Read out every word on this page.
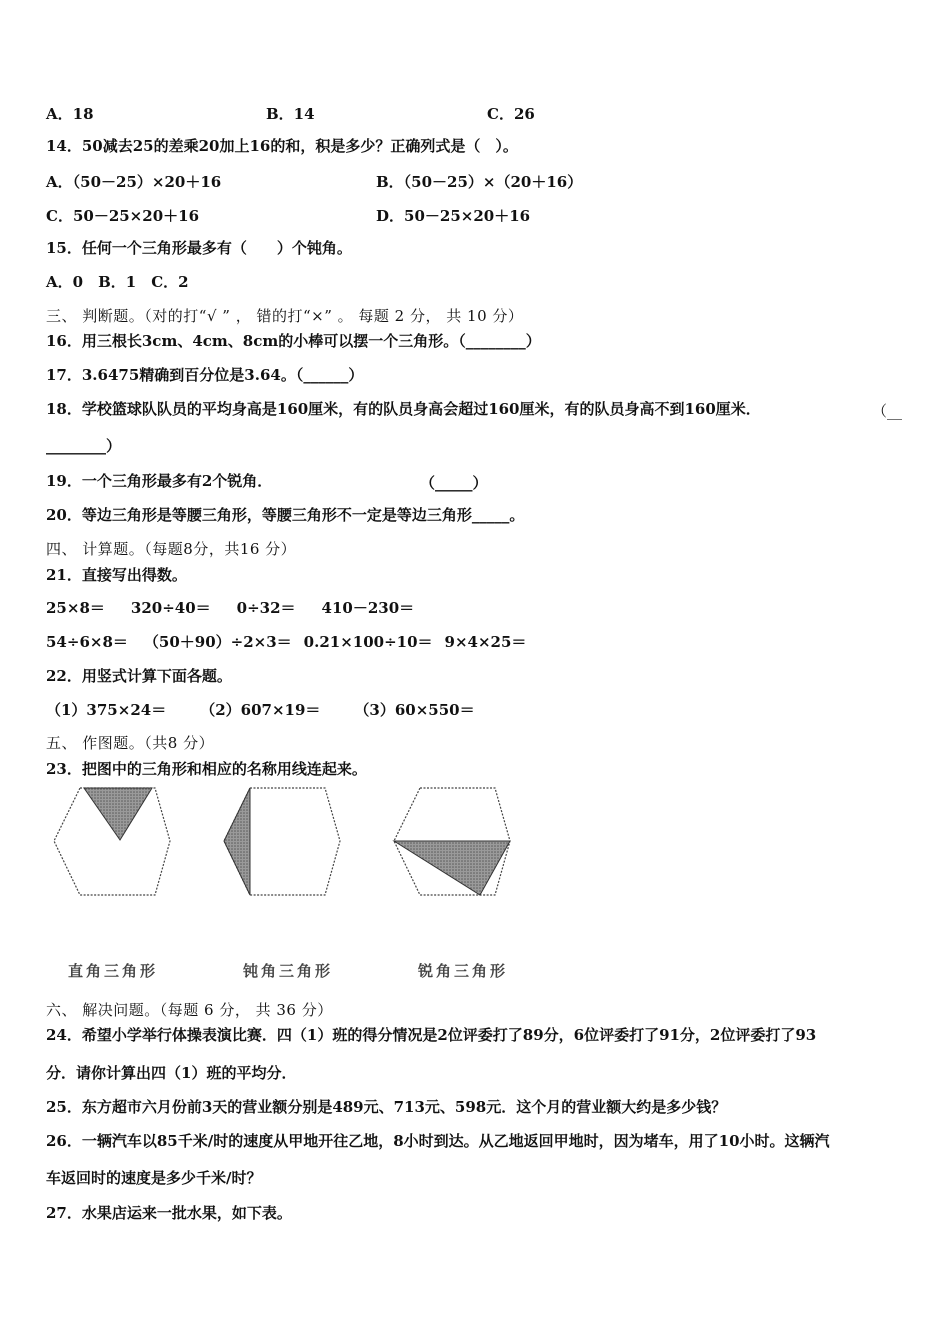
A．18	B．14	C．26
14．50减去25的差乘20加上16的和，积是多少？正确列式是（　）。
A．（50－25）×20＋16	B．（50－25）×（20＋16）
C．50－25×20＋16	D．50－25×20＋16
15．任何一个三角形最多有（　　）个钝角。
A．0　B．1　C．2
三、 判断题。（对的打“√ ” ， 错的打“×” 。 每题 2 分， 共 10 分）
16．用三根长3cm、4cm、8cm的小棒可以摆一个三角形。（________）
17．3.6475精确到百分位是3.64。（______）
18．学校篮球队队员的平均身高是160厘米，有的队员身高会超过160厘米，有的队员身高不到160厘米．	（__
________）
19．一个三角形最多有2个锐角．	（_____）
20．等边三角形是等腰三角形，等腰三角形不一定是等边三角形_____。
四、 计算题。（每题8分，共16 分）
21．直接写出得数。
25×8＝ 320÷40＝ 0÷32＝ 410－230＝
54÷6×8＝ （50＋90）÷2×3＝ 0.21×100÷10＝ 9×4×25＝
22．用竖式计算下面各题。
（1）375×24＝ （2）607×19＝ （3）60×550＝
五、 作图题。（共8 分）
23．把图中的三角形和相应的名称用线连起来。
直角三角形	钝角三角形	锐角三角形
六、 解决问题。（每题 6 分， 共 36 分）
24．希望小学举行体操表演比赛．四（1）班的得分情况是2位评委打了89分，6位评委打了91分，2位评委打了93
分．请你计算出四（1）班的平均分．
25．东方超市六月份前3天的营业额分别是489元、713元、598元．这个月的营业额大约是多少钱？
26．一辆汽车以85千米/时的速度从甲地开往乙地，8小时到达。从乙地返回甲地时，因为堵车，用了10小时。这辆汽
车返回时的速度是多少千米/时？
27．水果店运来一批水果，如下表。
